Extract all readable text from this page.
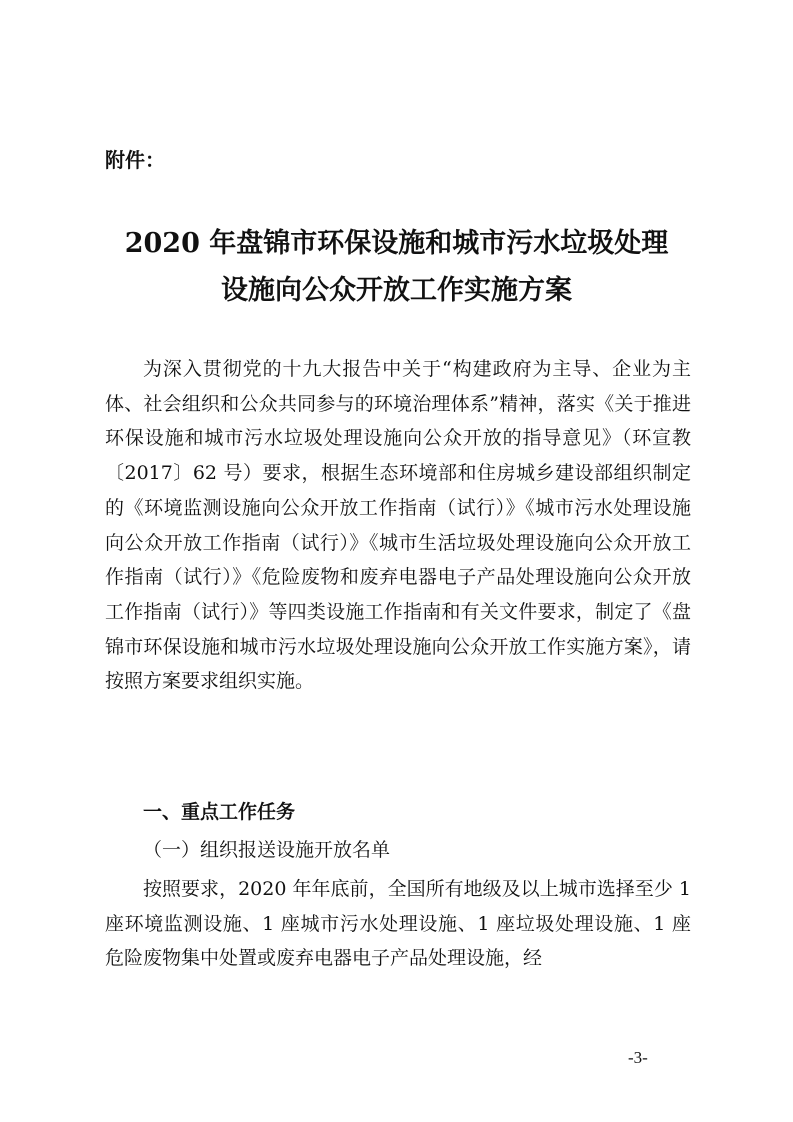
附件：

2020 年盘锦市环保设施和城市污水垃圾处理
设施向公众开放工作实施方案

为深入贯彻党的十九大报告中关于“构建政府为主导、企业为主体、社会组织和公众共同参与的环境治理体系”精神，落实《关于推进环保设施和城市污水垃圾处理设施向公众开放的指导意见》（环宣教〔2017〕62 号）要求，根据生态环境部和住房城乡建设部组织制定的《环境监测设施向公众开放工作指南（试行）》《城市污水处理设施向公众开放工作指南（试行）》《城市生活垃圾处理设施向公众开放工作指南（试行）》《危险废物和废弃电器电子产品处理设施向公众开放工作指南（试行）》等四类设施工作指南和有关文件要求，制定了《盘锦市环保设施和城市污水垃圾处理设施向公众开放工作实施方案》，请按照方案要求组织实施。

一、重点工作任务

（一）组织报送设施开放名单

按照要求，2020 年年底前，全国所有地级及以上城市选择至少 1 座环境监测设施、1 座城市污水处理设施、1 座垃圾处理设施、1 座危险废物集中处置或废弃电器电子产品处理设施，经

-3-
